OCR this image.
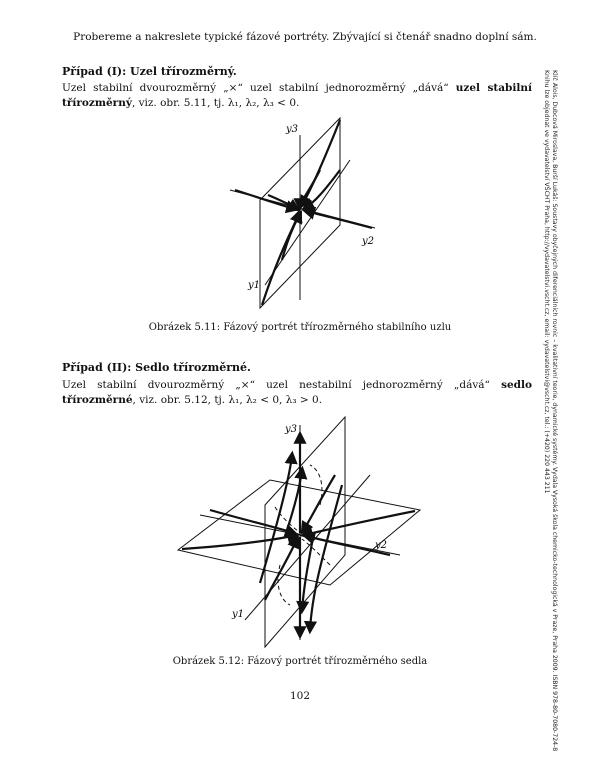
Probereme a nakreslete typické fázové portréty. Zbývající si čtenář snadno doplní sám.
Případ (I): Uzel třírozměrný.
Uzel stabilní dvourozměrný „×“ uzel stabilní jednorozměrný „dává“ uzel stabilní třírozměrný, viz. obr. 5.11, tj. λ₁, λ₂, λ₃ < 0.
y3
y2
y1
Obrázek 5.11: Fázový portrét třírozměrného stabilního uzlu
Případ (II): Sedlo třírozměrné.
Uzel stabilní dvourozměrný „×“ uzel nestabilní jednorozměrný „dává“ sedlo třírozměrné, viz. obr. 5.12, tj. λ₁, λ₂ < 0, λ₃ > 0.
y3
y2
y1
Obrázek 5.12: Fázový portrét třírozměrného sedla
102	Klíč Alois, Dubcová Miroslava, Burší Lukáš: Soustavy obyčejných diferenciálních rovnic – kvalitativní teorie, dynamické systémy. Vydala Vysoká škola chemicko-technologická v Praze, Praha 2009. ISBN 978-80-7080-724-8
Knihu lze objednat ve vydavatelství VŠCHT Praha, http://vydavatelstvi.vscht.cz, email: vydavatelstvi@vscht.cz, tel.: (+420) 220 443 211
